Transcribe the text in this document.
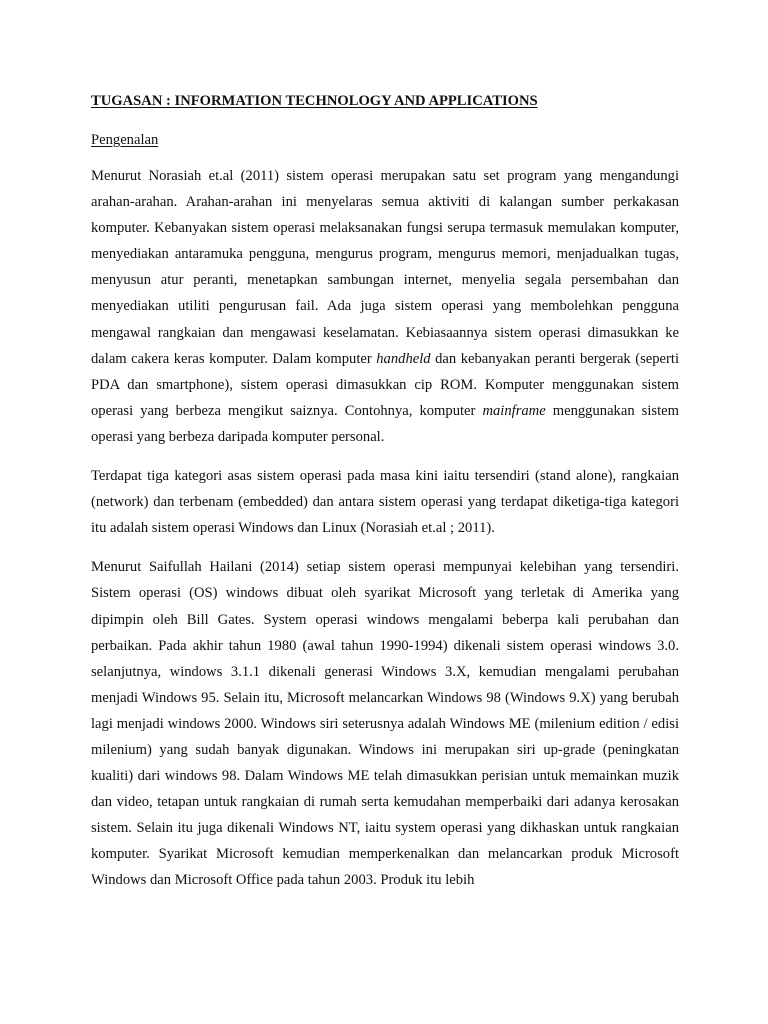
TUGASAN : INFORMATION TECHNOLOGY AND APPLICATIONS

Pengenalan

Menurut Norasiah et.al (2011) sistem operasi merupakan satu set program yang mengandungi arahan-arahan. Arahan-arahan ini menyelaras semua aktiviti di kalangan sumber perkakasan komputer. Kebanyakan sistem operasi melaksanakan fungsi serupa termasuk memulakan komputer, menyediakan antaramuka pengguna, mengurus program, mengurus memori, menjadualkan tugas, menyusun atur peranti, menetapkan sambungan internet, menyelia segala persembahan dan menyediakan utiliti pengurusan fail. Ada juga sistem operasi yang membolehkan pengguna mengawal rangkaian dan mengawasi keselamatan. Kebiasaannya sistem operasi dimasukkan ke dalam cakera keras komputer. Dalam komputer handheld dan kebanyakan peranti bergerak (seperti PDA dan smartphone), sistem operasi dimasukkan cip ROM. Komputer menggunakan sistem operasi yang berbeza mengikut saiznya. Contohnya, komputer mainframe menggunakan sistem operasi yang berbeza daripada komputer personal.

Terdapat tiga kategori asas sistem operasi pada masa kini iaitu tersendiri (stand alone), rangkaian (network) dan terbenam (embedded) dan antara sistem operasi yang terdapat diketiga-tiga kategori itu adalah sistem operasi Windows dan Linux (Norasiah et.al ; 2011).

Menurut Saifullah Hailani (2014) setiap sistem operasi mempunyai kelebihan yang tersendiri. Sistem operasi (OS) windows dibuat oleh syarikat Microsoft yang terletak di Amerika yang dipimpin oleh Bill Gates. System operasi windows mengalami beberpa kali perubahan dan perbaikan. Pada akhir tahun 1980 (awal tahun 1990-1994) dikenali sistem operasi windows 3.0. selanjutnya, windows 3.1.1 dikenali generasi Windows 3.X, kemudian mengalami perubahan menjadi Windows 95. Selain itu, Microsoft melancarkan Windows 98 (Windows 9.X) yang berubah lagi menjadi windows 2000. Windows siri seterusnya adalah Windows ME (milenium edition / edisi milenium) yang sudah banyak digunakan. Windows ini merupakan siri up-grade (peningkatan kualiti) dari windows 98. Dalam Windows ME telah dimasukkan perisian untuk memainkan muzik dan video, tetapan untuk rangkaian di rumah serta kemudahan memperbaiki dari adanya kerosakan sistem. Selain itu juga dikenali Windows NT, iaitu system operasi yang dikhaskan untuk rangkaian komputer. Syarikat Microsoft kemudian memperkenalkan dan melancarkan produk Microsoft Windows dan Microsoft Office pada tahun 2003. Produk itu lebih
